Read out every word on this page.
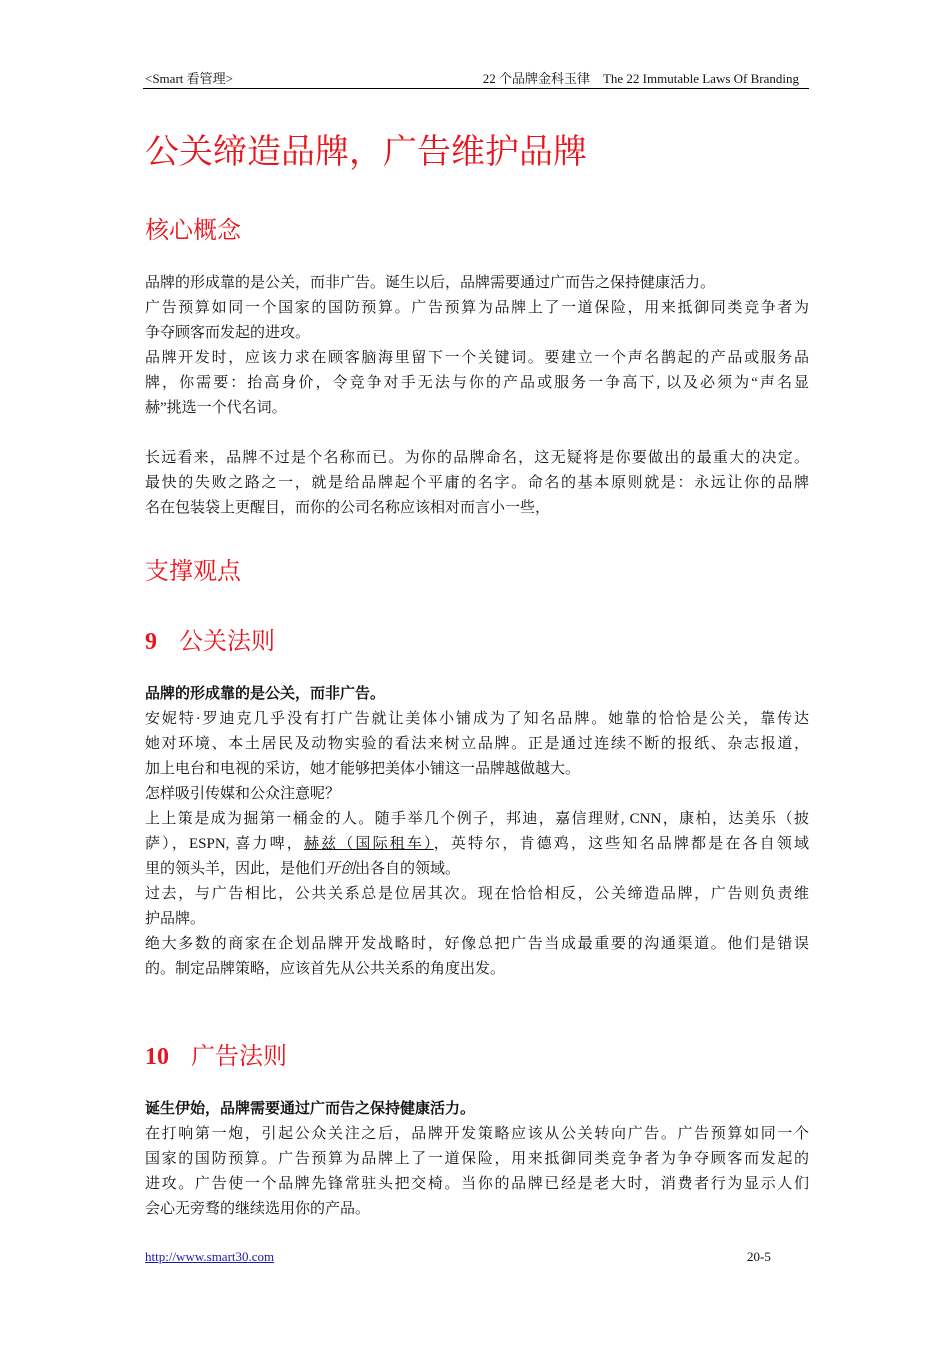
<Smart 看管理>	22 个品牌金科玉律　The 22 Immutable Laws Of Branding
公关缔造品牌，广告维护品牌
核心概念
品牌的形成靠的是公关，而非广告。诞生以后，品牌需要通过广而告之保持健康活力。
广告预算如同一个国家的国防预算。广告预算为品牌上了一道保险，用来抵御同类竞争者为
争夺顾客而发起的进攻。
品牌开发时，应该力求在顾客脑海里留下一个关键词。要建立一个声名鹊起的产品或服务品
牌，你需要：抬高身价，令竞争对手无法与你的产品或服务一争高下, 以及必须为“声名显
赫”挑选一个代名词。
长远看来，品牌不过是个名称而已。为你的品牌命名，这无疑将是你要做出的最重大的决定。
最快的失败之路之一，就是给品牌起个平庸的名字。命名的基本原则就是：永远让你的品牌
名在包装袋上更醒目，而你的公司名称应该相对而言小一些，
支撑观点
9 公关法则
品牌的形成靠的是公关，而非广告。
安妮特·罗迪克几乎没有打广告就让美体小铺成为了知名品牌。她靠的恰恰是公关，靠传达
她对环境、本土居民及动物实验的看法来树立品牌。正是通过连续不断的报纸、杂志报道，
加上电台和电视的采访，她才能够把美体小铺这一品牌越做越大。
怎样吸引传媒和公众注意呢？
上上策是成为掘第一桶金的人。随手举几个例子，邦迪，嘉信理财, CNN，康柏，达美乐（披
萨），ESPN, 喜力啤，赫兹（国际租车），英特尔，肯德鸡，这些知名品牌都是在各自领域
里的领头羊，因此，是他们开创出各自的领域。
过去，与广告相比，公共关系总是位居其次。现在恰恰相反，公关缔造品牌，广告则负责维
护品牌。
绝大多数的商家在企划品牌开发战略时，好像总把广告当成最重要的沟通渠道。他们是错误
的。制定品牌策略，应该首先从公共关系的角度出发。
10 广告法则
诞生伊始，品牌需要通过广而告之保持健康活力。
在打响第一炮，引起公众关注之后，品牌开发策略应该从公关转向广告。广告预算如同一个
国家的国防预算。广告预算为品牌上了一道保险，用来抵御同类竞争者为争夺顾客而发起的
进攻。广告使一个品牌先锋常驻头把交椅。当你的品牌已经是老大时，消费者行为显示人们
会心无旁骛的继续选用你的产品。
http://www.smart30.com	20-5
